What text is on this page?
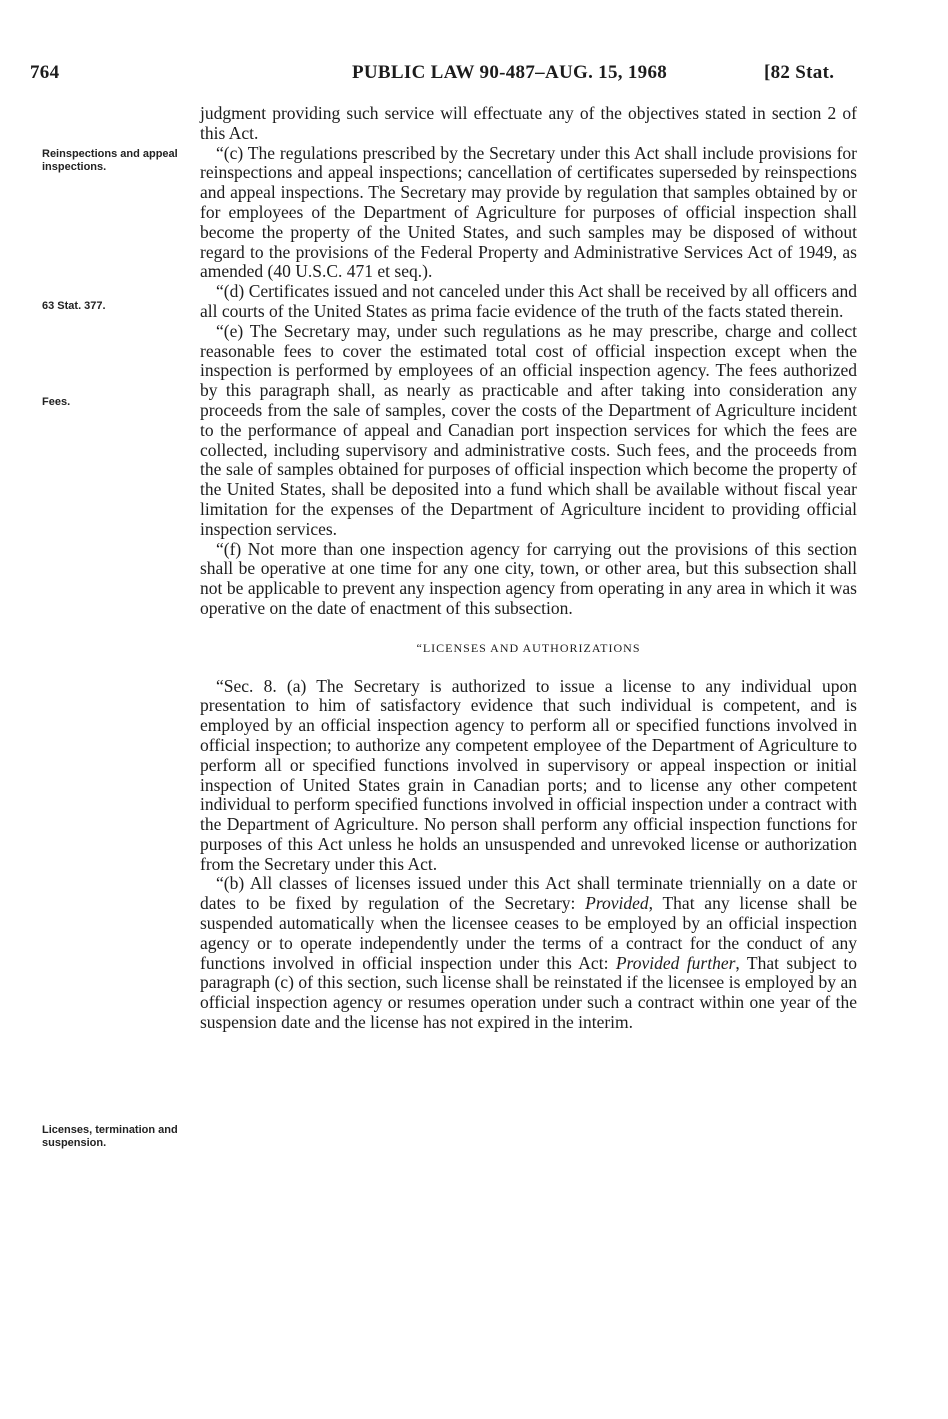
764	PUBLIC LAW 90-487–AUG. 15, 1968	[82 Stat.
Reinspections and appeal inspections.
63 Stat. 377.
Fees.
Licenses, termination and suspension.

judgment providing such service will effectuate any of the objectives stated in section 2 of this Act.

“(c) The regulations prescribed by the Secretary under this Act shall include provisions for reinspections and appeal inspections; cancellation of certificates superseded by reinspections and appeal inspections. The Secretary may provide by regulation that samples obtained by or for employees of the Department of Agriculture for purposes of official inspection shall become the property of the United States, and such samples may be disposed of without regard to the provisions of the Federal Property and Administrative Services Act of 1949, as amended (40 U.S.C. 471 et seq.).

“(d) Certificates issued and not canceled under this Act shall be received by all officers and all courts of the United States as prima facie evidence of the truth of the facts stated therein.

“(e) The Secretary may, under such regulations as he may prescribe, charge and collect reasonable fees to cover the estimated total cost of official inspection except when the inspection is performed by employees of an official inspection agency. The fees authorized by this paragraph shall, as nearly as practicable and after taking into consideration any proceeds from the sale of samples, cover the costs of the Department of Agriculture incident to the performance of appeal and Canadian port inspection services for which the fees are collected, including supervisory and administrative costs. Such fees, and the proceeds from the sale of samples obtained for purposes of official inspection which become the property of the United States, shall be deposited into a fund which shall be available without fiscal year limitation for the expenses of the Department of Agriculture incident to providing official inspection services.

“(f) Not more than one inspection agency for carrying out the provisions of this section shall be operative at one time for any one city, town, or other area, but this subsection shall not be applicable to prevent any inspection agency from operating in any area in which it was operative on the date of enactment of this subsection.

“LICENSES AND AUTHORIZATIONS

“Sec. 8. (a) The Secretary is authorized to issue a license to any individual upon presentation to him of satisfactory evidence that such individual is competent, and is employed by an official inspection agency to perform all or specified functions involved in official inspection; to authorize any competent employee of the Department of Agriculture to perform all or specified functions involved in supervisory or appeal inspection or initial inspection of United States grain in Canadian ports; and to license any other competent individual to perform specified functions involved in official inspection under a contract with the Department of Agriculture. No person shall perform any official inspection functions for purposes of this Act unless he holds an unsuspended and unrevoked license or authorization from the Secretary under this Act.

“(b) All classes of licenses issued under this Act shall terminate triennially on a date or dates to be fixed by regulation of the Secretary: Provided, That any license shall be suspended automatically when the licensee ceases to be employed by an official inspection agency or to operate independently under the terms of a contract for the conduct of any functions involved in official inspection under this Act: Provided further, That subject to paragraph (c) of this section, such license shall be reinstated if the licensee is employed by an official inspection agency or resumes operation under such a contract within one year of the suspension date and the license has not expired in the interim.
